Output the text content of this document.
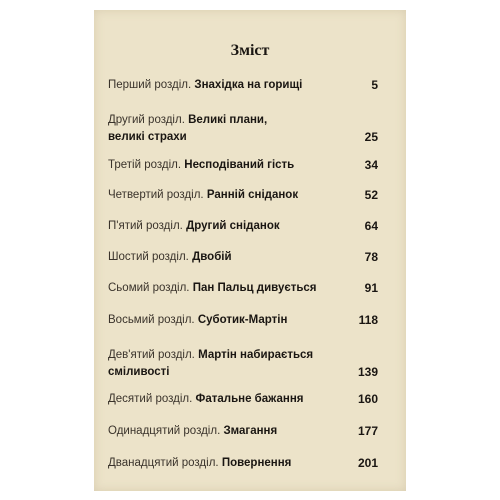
Зміст
Перший розділ. Знахідка на горищі	5
Другий розділ. Великі плани,
великі страхи	25
Третій розділ. Несподіваний гість	34
Четвертий розділ. Ранній сніданок	52
П'ятий розділ. Другий сніданок	64
Шостий розділ. Двобій	78
Сьомий розділ. Пан Пальц дивується	91
Восьмий розділ. Суботик-Мартін	118
Дев'ятий розділ. Мартін набирається
сміливості	139
Десятий розділ. Фатальне бажання	160
Одинадцятий розділ. Змагання	177
Дванадцятий розділ. Повернення	201
